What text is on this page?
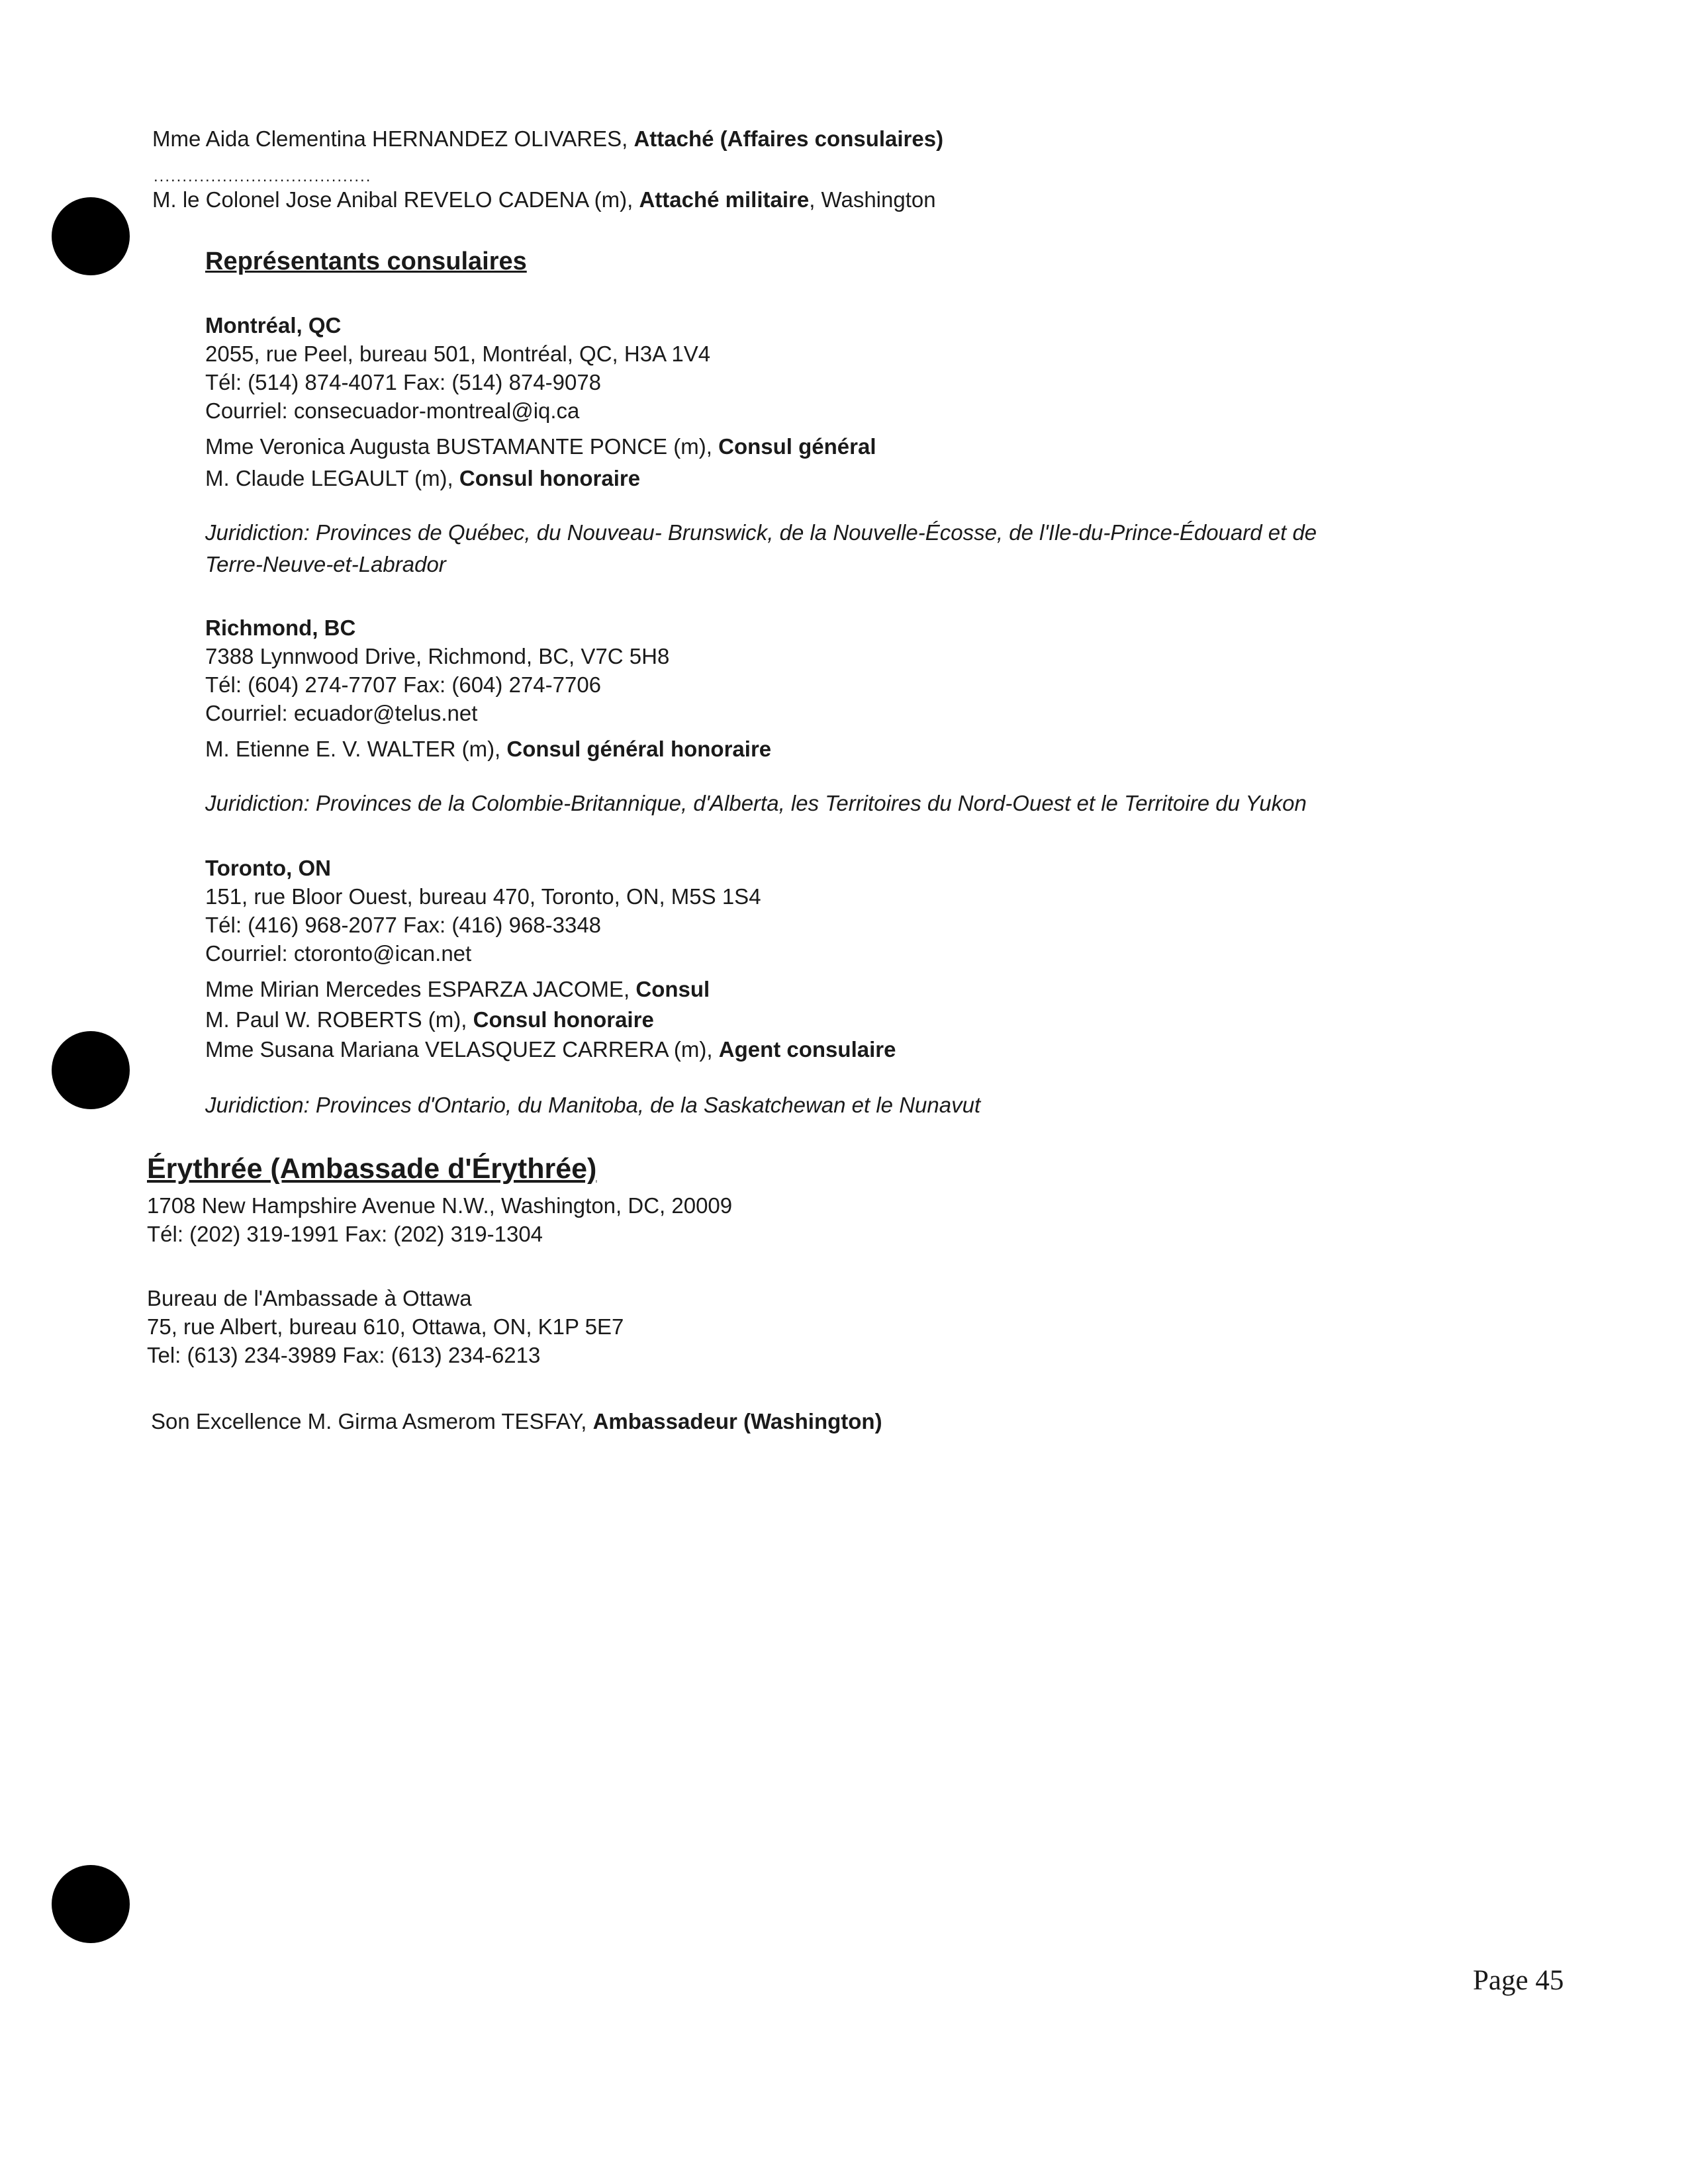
Mme Aida Clementina HERNANDEZ OLIVARES, Attaché (Affaires consulaires)
......................................
M. le Colonel Jose Anibal REVELO CADENA (m), Attaché militaire, Washington
Représentants consulaires
Montréal, QC
2055, rue Peel, bureau 501, Montréal, QC, H3A 1V4
Tél: (514) 874-4071 Fax: (514) 874-9078
Courriel: consecuador-montreal@iq.ca
Mme Veronica Augusta BUSTAMANTE PONCE (m), Consul général
M. Claude LEGAULT (m), Consul honoraire
Juridiction: Provinces de Québec, du Nouveau- Brunswick, de la Nouvelle-Écosse, de l'Ile-du-Prince-Édouard et de
Terre-Neuve-et-Labrador
Richmond, BC
7388 Lynnwood Drive, Richmond, BC, V7C 5H8
Tél: (604) 274-7707 Fax: (604) 274-7706
Courriel: ecuador@telus.net
M. Etienne E. V. WALTER (m), Consul général honoraire
Juridiction: Provinces de la Colombie-Britannique, d'Alberta, les Territoires du Nord-Ouest et le Territoire du Yukon
Toronto, ON
151, rue Bloor Ouest, bureau 470, Toronto, ON, M5S 1S4
Tél: (416) 968-2077 Fax: (416) 968-3348
Courriel: ctoronto@ican.net
Mme Mirian Mercedes ESPARZA JACOME, Consul
M. Paul W. ROBERTS (m), Consul honoraire
Mme Susana Mariana VELASQUEZ CARRERA (m), Agent consulaire
Juridiction: Provinces d'Ontario, du Manitoba, de la Saskatchewan et le Nunavut
Érythrée (Ambassade d'Érythrée)
1708 New Hampshire Avenue N.W., Washington, DC, 20009
Tél: (202) 319-1991 Fax: (202) 319-1304
Bureau de l'Ambassade à Ottawa
75, rue Albert, bureau 610, Ottawa, ON, K1P 5E7
Tel: (613) 234-3989 Fax: (613) 234-6213
Son Excellence M. Girma Asmerom TESFAY, Ambassadeur (Washington)
Page 45
